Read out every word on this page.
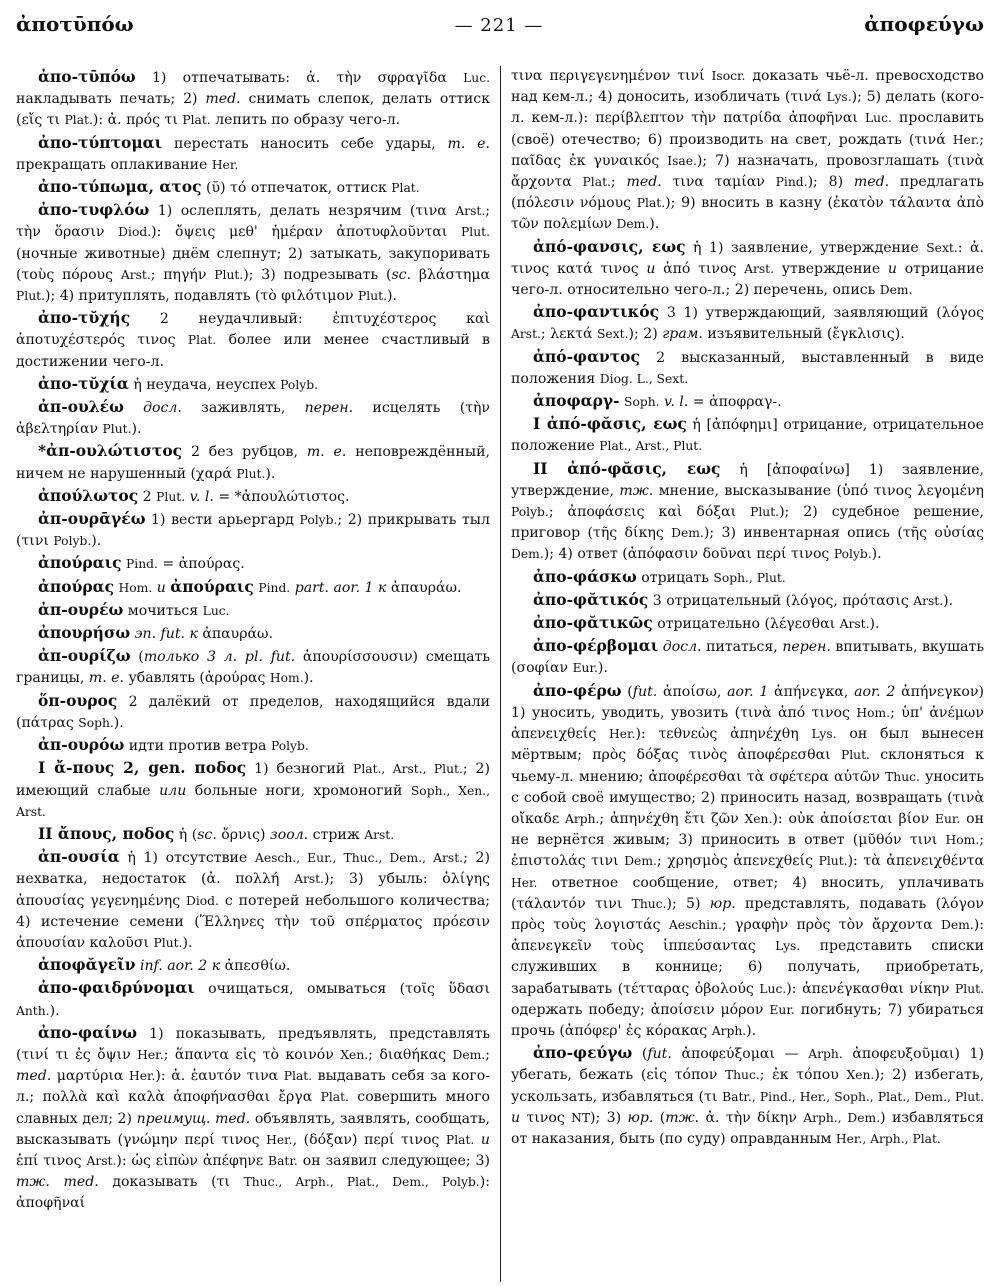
ἀποτῡπόω	— 221 —	ἀποφεύγω

ἀπο-τῡπόω 1) отпечатывать: ἀ. τὴν σφραγῖδα Luc. накладывать печать; 2) med. снимать слепок, делать оттиск (εἴς τι Plat.): ἀ. πρός τι Plat. лепить по образу чего-л.

ἀπο-τύπτομαι перестать наносить себе удары, т. е. прекращать оплакивание Her.

ἀπο-τύπωμα, ατος (ῠ) τό отпечаток, оттиск Plat.

ἀπο-τυφλόω 1) ослеплять, делать незрячим (τινα Arst.; τὴν ὅρασιν Diod.): ὄψεις μεθ' ἡμέραν ἀποτυφλοῦνται Plut. (ночные животные) днём слепнут; 2) затыкать, закупоривать (τοὺς πόρους Arst.; πηγήν Plut.); 3) подрезывать (sc. βλάστημα Plut.); 4) притуплять, подавлять (τὸ φιλότιμον Plut.).

ἀπο-τῠχής 2 неудачливый: ἐπιτυχέστερος καὶ ἀποτυχέστερός τινος Plat. более или менее счастливый в достижении чего-л.

ἀπο-τῠχία ἡ неудача, неуспех Polyb.

ἀπ-ουλέω досл. заживлять, перен. исцелять (τὴν ἀβελτηρίαν Plut.).

*ἀπ-ουλώτιστος 2 без рубцов, т. е. неповреждённый, ничем не нарушенный (χαρά Plut.).

ἀπούλωτος 2 Plut. v. l. = *ἀπουλώτιστος.

ἀπ-ουρᾱγέω 1) вести арьергард Polyb.; 2) прикрывать тыл (τινι Polyb.).

ἀπούραις Pind. = ἀπούρας.

ἀπούρας Hom. и ἀπούραις Pind. part. aor. 1 к ἀπαυράω.

ἀπ-ουρέω мочиться Luc.

ἀπουρήσω эп. fut. к ἀπαυράω.

ἀπ-ουρίζω (только 3 л. pl. fut. ἀπουρίσσουσιν) смещать границы, т. е. убавлять (ἀρούρας Hom.).

ὅπ-ουρος 2 далёкий от пределов, находящийся вдали (πάτρας Soph.).

ἀπ-ουρόω идти против ветра Polyb.

I ἄ-πους 2, gen. ποδος 1) безногий Plat., Arst., Plut.; 2) имеющий слабые или больные ноги, хромоногий Soph., Xen., Arst.

II ἄπους, ποδος ἡ (sc. ὄρνις) зоол. стриж Arst.

ἀπ-ουσία ἡ 1) отсутствие Aesch., Eur., Thuc., Dem., Arst.; 2) нехватка, недостаток (ἀ. πολλή Arst.); 3) убыль: ὀλίγης ἀπουσίας γεγενημένης Diod. с потерей небольшого количества; 4) истечение семени (Ἕλληνες τὴν τοῦ σπέρματος πρόεσιν ἀπουσίαν καλοῦσι Plut.).

ἀποφᾰγεῖν inf. aor. 2 к ἀπεσθίω.

ἀπο-φαιδρύνομαι очищаться, омываться (τοῖς ὕδασι Anth.).

ἀπο-φαίνω 1) показывать, предъявлять, представлять (τινί τι ἐς ὄψιν Her.; ἅπαντα εἰς τὸ κοινόν Xen.; διαθήκας Dem.; med. μαρτύρια Her.): ἀ. ἑαυτόν τινα Plat. выдавать себя за кого-л.; πολλὰ καὶ καλὰ ἀποφήνασθαι ἔργα Plat. совершить много славных дел; 2) преимущ. med. объявлять, заявлять, сообщать, высказывать (γνώμην περί τινος Her., (δόξαν) περί τινος Plat. и ἐπί τινος Arst.): ὡς εἰπὼν ἀπέφηνε Batr. он заявил следующее; 3) тж. med. доказывать (τι Thuc., Arph., Plat., Dem., Polyb.): ἀποφῆναί

τινα περιγεγενημένον τινί Isocr. доказать чьё-л. превосходство над кем-л.; 4) доносить, изобличать (τινά Lys.); 5) делать (кого-л. кем-л.): περίβλεπτον τὴν πατρίδα ἀποφῆναι Luc. прославить (своё) отечество; 6) производить на свет, рождать (τινά Her.; παῖδας ἐκ γυναικός Isae.); 7) назначать, провозглашать (τινὰ ἄρχοντα Plat.; med. τινα ταμίαν Pind.); 8) med. предлагать (πόλεσιν νόμους Plat.); 9) вносить в казну (ἑκατὸν τάλαντα ἀπὸ τῶν πολεμίων Dem.).

ἀπό-φανσις, εως ἡ 1) заявление, утверждение Sext.: ἀ. τινος κατά τινος и ἀπό τινος Arst. утверждение и отрицание чего-л. относительно чего-л.; 2) перечень, опись Dem.

ἀπο-φαντικός 3 1) утверждающий, заявляющий (λόγος Arst.; λεκτά Sext.); 2) грам. изъявительный (ἔγκλισις).

ἀπό-φαντος 2 высказанный, выставленный в виде положения Diog. L., Sext.

ἀποφαργ- Soph. v. l. = ἀποφραγ-.

I ἀπό-φᾰσις, εως ἡ [ἀπόφημι] отрицание, отрицательное положение Plat., Arst., Plut.

II ἀπό-φᾰσις, εως ἡ [ἀποφαίνω] 1) заявление, утверждение, тж. мнение, высказывание (ὑπό τινος λεγομένη Polyb.; ἀποφάσεις καὶ δόξαι Plut.); 2) судебное решение, приговор (τῆς δίκης Dem.); 3) инвентарная опись (τῆς οὐσίας Dem.); 4) ответ (ἀπόφασιν δοῦναι περί τινος Polyb.).

ἀπο-φάσκω отрицать Soph., Plut.

ἀπο-φᾰτικός 3 отрицательный (λόγος, πρότασις Arst.).

ἀπο-φᾰτικῶς отрицательно (λέγεσθαι Arst.).

ἀπο-φέρβομαι досл. питаться, перен. впитывать, вкушать (σοφίαν Eur.).

ἀπο-φέρω (fut. ἀποίσω, aor. 1 ἀπήνεγκα, aor. 2 ἀπήνεγκον) 1) уносить, уводить, увозить (τινὰ ἀπό τινος Hom.; ὑπ' ἀνέμων ἀπενειχθείς Her.): τεθνεὼς ἀπηνέχθη Lys. он был вынесен мёртвым; πρὸς δόξας τινὸς ἀποφέρεσθαι Plut. склоняться к чьему-л. мнению; ἀποφέρεσθαι τὰ σφέτερα αὐτῶν Thuc. уносить с собой своё имущество; 2) приносить назад, возвращать (τινὰ οἴκαδε Arph.; ἀπηνέχθη ἔτι ζῶν Xen.): οὐκ ἀποίσεται βίον Eur. он не вернётся живым; 3) приносить в ответ (μῦθόν τινι Hom.; ἐπιστολάς τινι Dem.; χρησμὸς ἀπενεχθείς Plut.): τὰ ἀπενειχθέντα Her. ответное сообщение, ответ; 4) вносить, уплачивать (τάλαντόν τινι Thuc.); 5) юр. представлять, подавать (λόγον πρὸς τοὺς λογιστάς Aeschin.; γραφὴν πρὸς τὸν ἄρχοντα Dem.): ἀπενεγκεῖν τοὺς ἱππεύσαντας Lys. представить списки служивших в коннице; 6) получать, приобретать, зарабатывать (τέτταρας ὀβολούς Luc.): ἀπενέγκασθαι νίκην Plut. одержать победу; ἀποίσειν μόρον Eur. погибнуть; 7) убираться прочь (ἀπόφερ' ἐς κόρακας Arph.).

ἀπο-φεύγω (fut. ἀποφεύξομαι — Arph. ἀποφευξοῦμαι) 1) убегать, бежать (εἰς τόπον Thuc.; ἐκ τόπου Xen.); 2) избегать, ускользать, избавляться (τι Batr., Pind., Her., Soph., Plat., Dem., Plut. и τινος NT); 3) юр. (тж. ἀ. τὴν δίκην Arph., Dem.) избавляться от наказания, быть (по суду) оправданным Her., Arph., Plat.
